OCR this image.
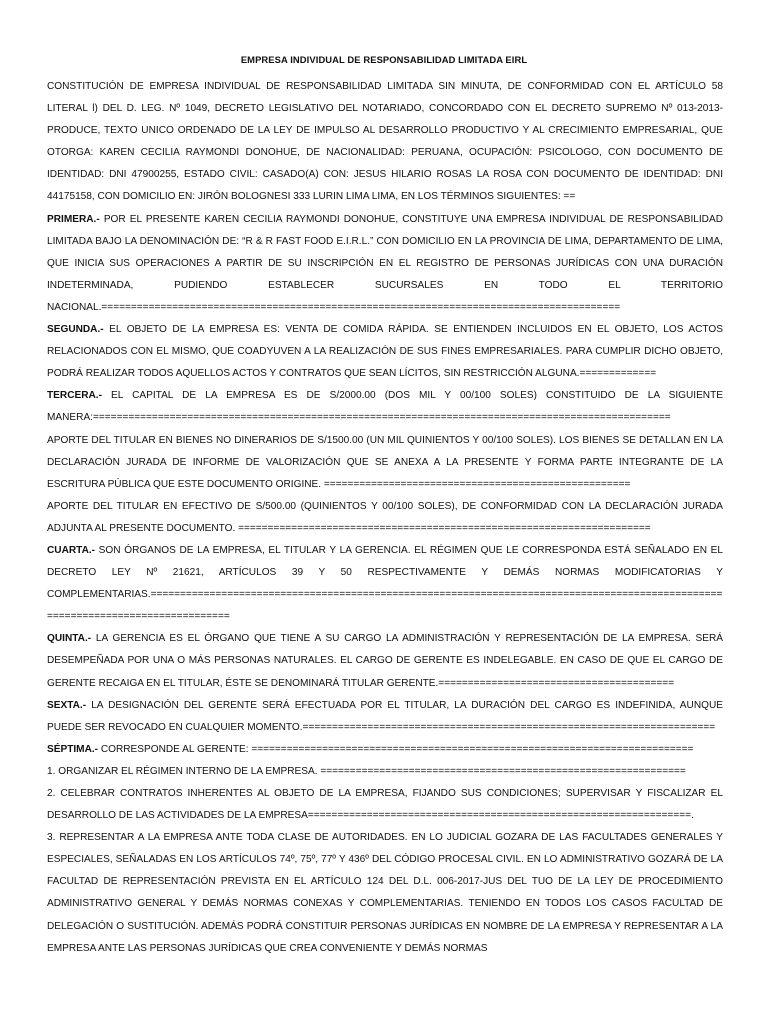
EMPRESA INDIVIDUAL DE RESPONSABILIDAD LIMITADA EIRL

CONSTITUCIÓN DE EMPRESA INDIVIDUAL DE RESPONSABILIDAD LIMITADA SIN MINUTA, DE CONFORMIDAD CON EL ARTÍCULO 58 LITERAL l) DEL D. LEG. Nº 1049, DECRETO LEGISLATIVO DEL NOTARIADO, CONCORDADO CON EL DECRETO SUPREMO Nº 013-2013-PRODUCE, TEXTO UNICO ORDENADO DE LA LEY DE IMPULSO AL DESARROLLO PRODUCTIVO Y AL CRECIMIENTO EMPRESARIAL, QUE OTORGA: KAREN CECILIA RAYMONDI DONOHUE, DE NACIONALIDAD: PERUANA, OCUPACIÓN: PSICOLOGO, CON DOCUMENTO DE IDENTIDAD: DNI 47900255, ESTADO CIVIL: CASADO(A) CON: JESUS HILARIO ROSAS LA ROSA CON DOCUMENTO DE IDENTIDAD: DNI 44175158, CON DOMICILIO EN: JIRÓN BOLOGNESI 333 LURIN LIMA LIMA, EN LOS TÉRMINOS SIGUIENTES: ==

PRIMERA.- POR EL PRESENTE KAREN CECILIA RAYMONDI DONOHUE, CONSTITUYE UNA EMPRESA INDIVIDUAL DE RESPONSABILIDAD LIMITADA BAJO LA DENOMINACIÓN DE: “R & R FAST FOOD E.I.R.L.” CON DOMICILIO EN LA PROVINCIA DE LIMA, DEPARTAMENTO DE LIMA, QUE INICIA SUS OPERACIONES A PARTIR DE SU INSCRIPCIÓN EN EL REGISTRO DE PERSONAS JURÍDICAS CON UNA DURACIÓN INDETERMINADA, PUDIENDO ESTABLECER SUCURSALES EN TODO EL TERRITORIO NACIONAL.========================================================================================

SEGUNDA.- EL OBJETO DE LA EMPRESA ES: VENTA DE COMIDA RÁPIDA. SE ENTIENDEN INCLUIDOS EN EL OBJETO, LOS ACTOS RELACIONADOS CON EL MISMO, QUE COADYUVEN A LA REALIZACIÓN DE SUS FINES EMPRESARIALES. PARA CUMPLIR DICHO OBJETO, PODRÁ REALIZAR TODOS AQUELLOS ACTOS Y CONTRATOS QUE SEAN LÍCITOS, SIN RESTRICCIÓN ALGUNA.=============

TERCERA.- EL CAPITAL DE LA EMPRESA ES DE S/2000.00 (DOS MIL Y 00/100 SOLES) CONSTITUIDO DE LA SIGUIENTE MANERA:==================================================================================================

APORTE DEL TITULAR EN BIENES NO DINERARIOS DE S/1500.00 (UN MIL QUINIENTOS Y 00/100 SOLES). LOS BIENES SE DETALLAN EN LA DECLARACIÓN JURADA DE INFORME DE VALORIZACIÓN QUE SE ANEXA A LA PRESENTE Y FORMA PARTE INTEGRANTE DE LA ESCRITURA PÚBLICA QUE ESTE DOCUMENTO ORIGINE. ====================================================

APORTE DEL TITULAR EN EFECTIVO DE S/500.00 (QUINIENTOS Y 00/100 SOLES), DE CONFORMIDAD CON LA DECLARACIÓN JURADA ADJUNTA AL PRESENTE DOCUMENTO. ======================================================================

CUARTA.- SON ÓRGANOS DE LA EMPRESA, EL TITULAR Y LA GERENCIA. EL RÉGIMEN QUE LE CORRESPONDA ESTÁ SEÑALADO EN EL DECRETO LEY Nº 21621, ARTÍCULOS 39 Y 50 RESPECTIVAMENTE Y DEMÁS NORMAS MODIFICATORIAS Y COMPLEMENTARIAS.================================================================================================================================

QUINTA.- LA GERENCIA ES EL ÓRGANO QUE TIENE A SU CARGO LA ADMINISTRACIÓN Y REPRESENTACIÓN DE LA EMPRESA. SERÁ DESEMPEÑADA POR UNA O MÁS PERSONAS NATURALES. EL CARGO DE GERENTE ES INDELEGABLE. EN CASO DE QUE EL CARGO DE GERENTE RECAIGA EN EL TITULAR, ÉSTE SE DENOMINARÁ TITULAR GERENTE.========================================

SEXTA.- LA DESIGNACIÓN DEL GERENTE SERÁ EFECTUADA POR EL TITULAR, LA DURACIÓN DEL CARGO ES INDEFINIDA, AUNQUE PUEDE SER REVOCADO EN CUALQUIER MOMENTO.======================================================================

SÉPTIMA.- CORRESPONDE AL GERENTE: ===========================================================================

1. ORGANIZAR EL RÉGIMEN INTERNO DE LA EMPRESA. ==============================================================

2. CELEBRAR CONTRATOS INHERENTES AL OBJETO DE LA EMPRESA, FIJANDO SUS CONDICIONES; SUPERVISAR Y FISCALIZAR EL DESARROLLO DE LAS ACTIVIDADES DE LA EMPRESA=================================================================.

3. REPRESENTAR A LA EMPRESA ANTE TODA CLASE DE AUTORIDADES. EN LO JUDICIAL GOZARA DE LAS FACULTADES GENERALES Y ESPECIALES, SEÑALADAS EN LOS ARTÍCULOS 74º, 75º, 77º Y 436º DEL CÓDIGO PROCESAL CIVIL. EN LO ADMINISTRATIVO GOZARÁ DE LA FACULTAD DE REPRESENTACIÓN PREVISTA EN EL ARTÍCULO 124 DEL D.L. 006-2017-JUS DEL TUO DE LA LEY DE PROCEDIMIENTO ADMINISTRATIVO GENERAL Y DEMÁS NORMAS CONEXAS Y COMPLEMENTARIAS. TENIENDO EN TODOS LOS CASOS FACULTAD DE DELEGACIÓN O SUSTITUCIÓN. ADEMÁS PODRÁ CONSTITUIR PERSONAS JURÍDICAS EN NOMBRE DE LA EMPRESA Y REPRESENTAR A LA EMPRESA ANTE LAS PERSONAS JURÍDICAS QUE CREA CONVENIENTE Y DEMÁS NORMAS
